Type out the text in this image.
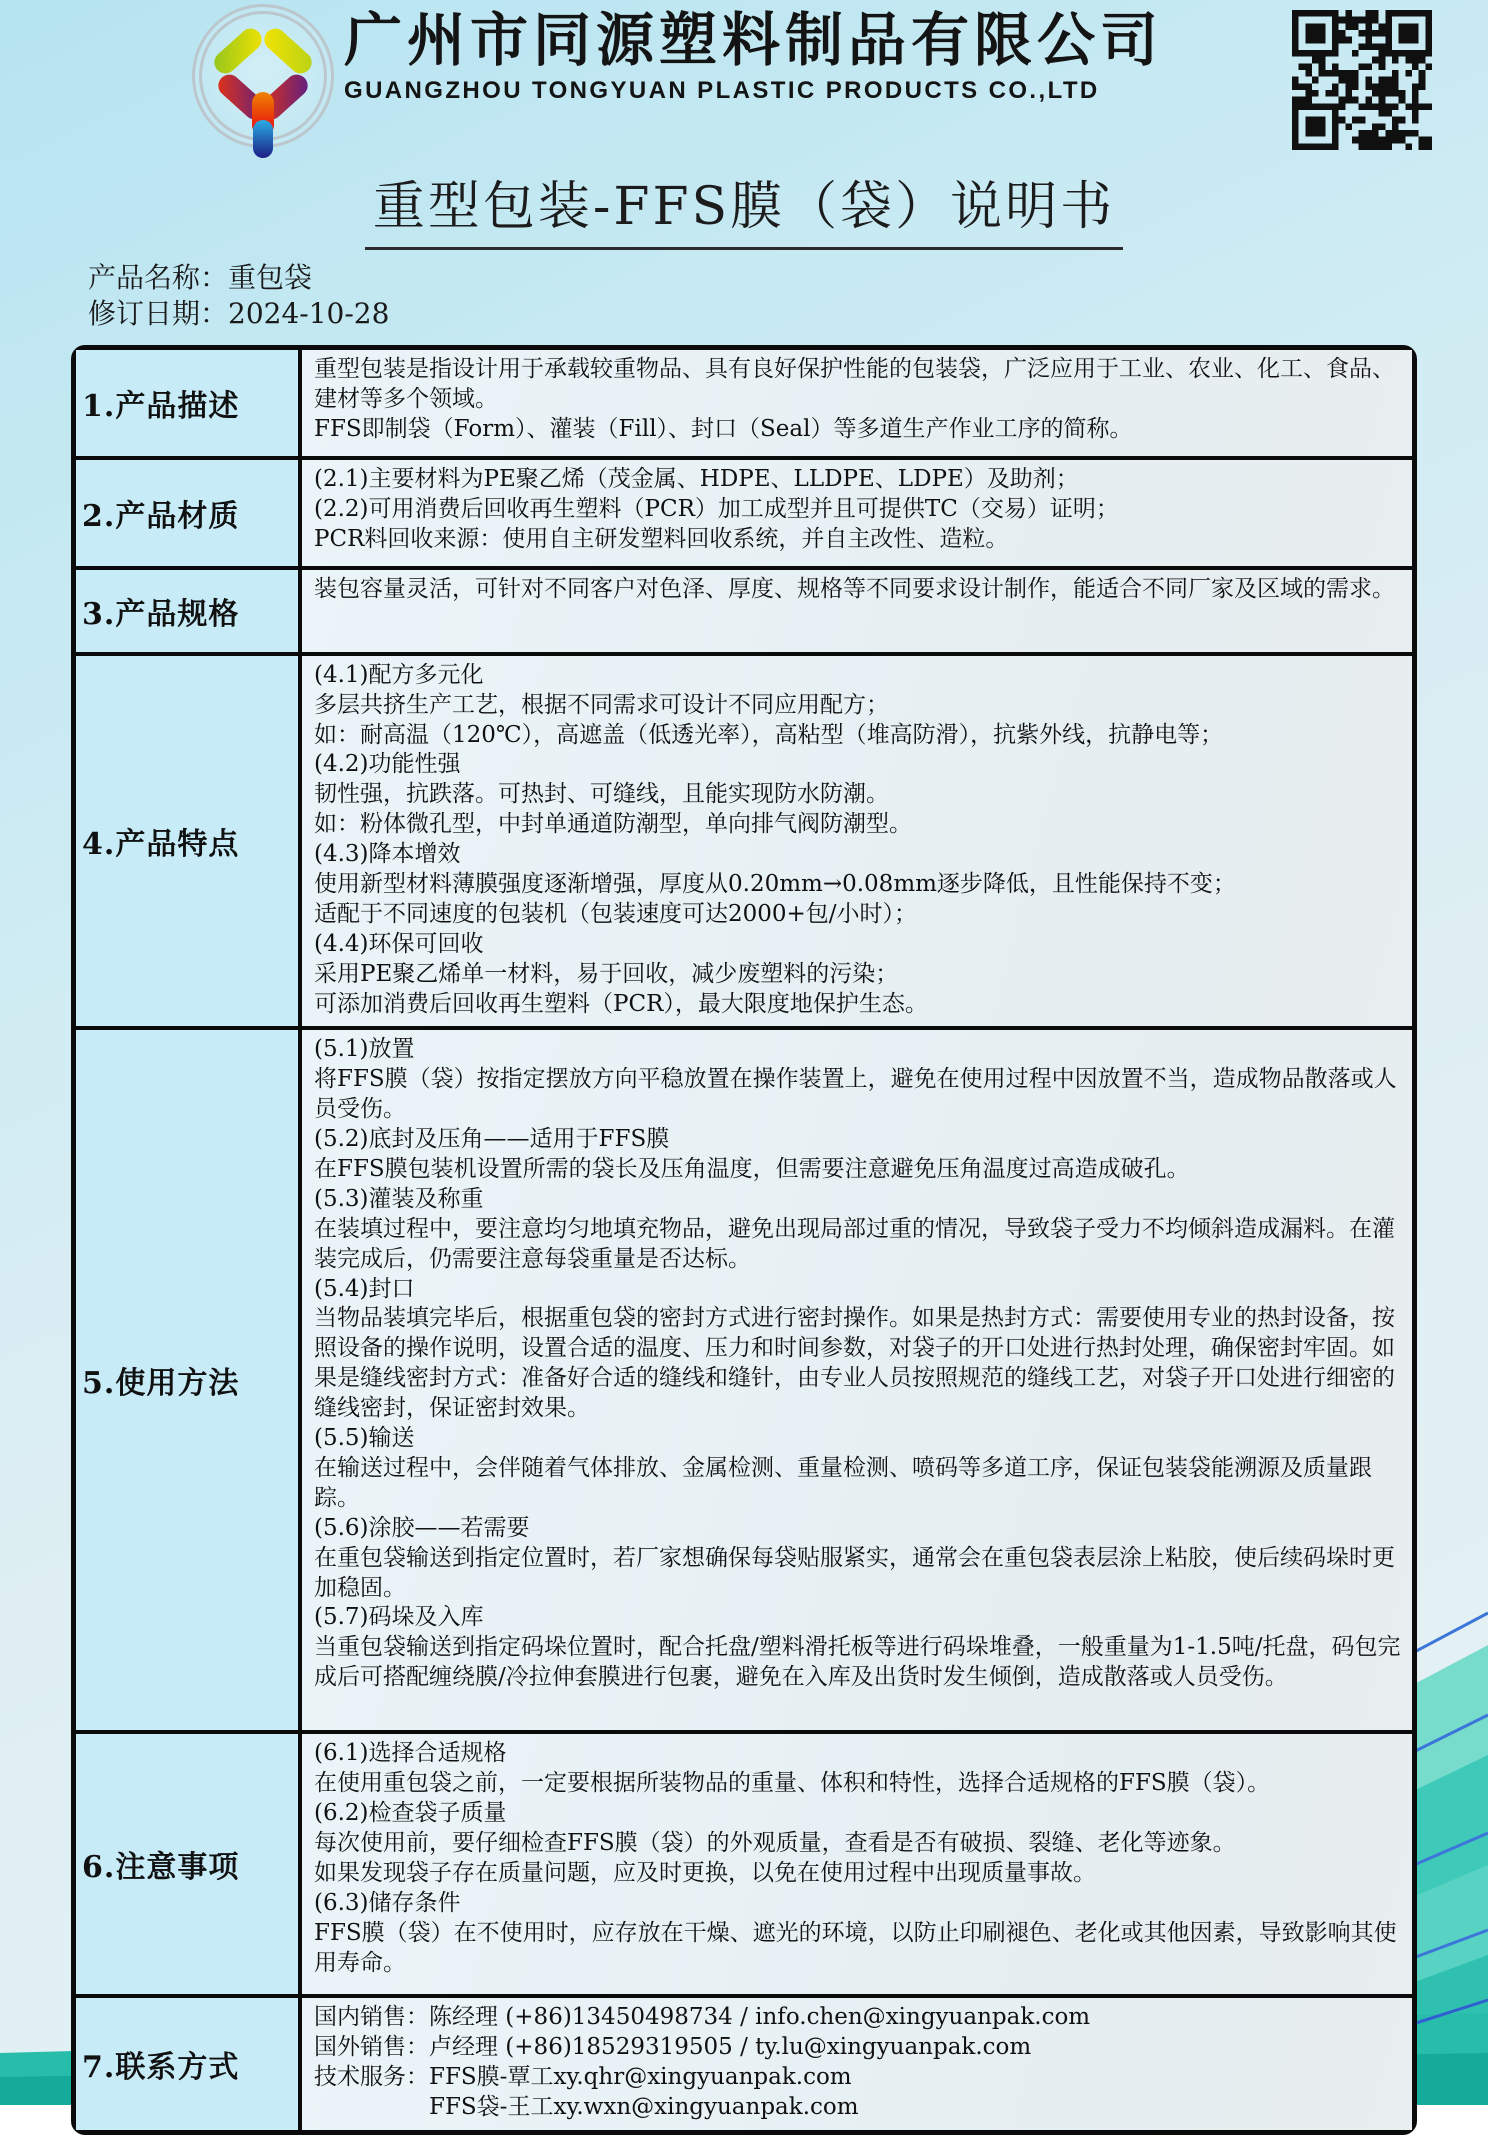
广州市同源塑料制品有限公司
GUANGZHOU TONGYUAN PLASTIC PRODUCTS CO.,LTD
重型包装-FFS膜（袋）说明书
产品名称：重包袋
修订日期：2024-10-28
1.产品描述
重型包装是指设计用于承载较重物品、具有良好保护性能的包装袋，广泛应用于工业、农业、化工、食品、建材等多个领域。
FFS即制袋（Form）、灌装（Fill）、封口（Seal）等多道生产作业工序的简称。
2.产品材质
(2.1)主要材料为PE聚乙烯（茂金属、HDPE、LLDPE、LDPE）及助剂；
(2.2)可用消费后回收再生塑料（PCR）加工成型并且可提供TC（交易）证明；
PCR料回收来源：使用自主研发塑料回收系统，并自主改性、造粒。
3.产品规格
装包容量灵活，可针对不同客户对色泽、厚度、规格等不同要求设计制作，能适合不同厂家及区域的需求。
4.产品特点
(4.1)配方多元化
多层共挤生产工艺，根据不同需求可设计不同应用配方；
如：耐高温（120℃），高遮盖（低透光率），高粘型（堆高防滑），抗紫外线，抗静电等；
(4.2)功能性强
韧性强，抗跌落。可热封、可缝线，且能实现防水防潮。
如：粉体微孔型，中封单通道防潮型，单向排气阀防潮型。
(4.3)降本增效
使用新型材料薄膜强度逐渐增强，厚度从0.20mm→0.08mm逐步降低，且性能保持不变；
适配于不同速度的包装机（包装速度可达2000+包/小时）；
(4.4)环保可回收
采用PE聚乙烯单一材料，易于回收，减少废塑料的污染；
可添加消费后回收再生塑料（PCR），最大限度地保护生态。
5.使用方法
(5.1)放置
将FFS膜（袋）按指定摆放方向平稳放置在操作装置上，避免在使用过程中因放置不当，造成物品散落或人员受伤。
(5.2)底封及压角——适用于FFS膜
在FFS膜包装机设置所需的袋长及压角温度，但需要注意避免压角温度过高造成破孔。
(5.3)灌装及称重
在装填过程中，要注意均匀地填充物品，避免出现局部过重的情况，导致袋子受力不均倾斜造成漏料。在灌装完成后，仍需要注意每袋重量是否达标。
(5.4)封口
当物品装填完毕后，根据重包袋的密封方式进行密封操作。如果是热封方式：需要使用专业的热封设备，按照设备的操作说明，设置合适的温度、压力和时间参数，对袋子的开口处进行热封处理，确保密封牢固。如果是缝线密封方式：准备好合适的缝线和缝针，由专业人员按照规范的缝线工艺，对袋子开口处进行细密的缝线密封，保证密封效果。
(5.5)输送
在输送过程中，会伴随着气体排放、金属检测、重量检测、喷码等多道工序，保证包装袋能溯源及质量跟踪。
(5.6)涂胶——若需要
在重包袋输送到指定位置时，若厂家想确保每袋贴服紧实，通常会在重包袋表层涂上粘胶，使后续码垛时更加稳固。
(5.7)码垛及入库
当重包袋输送到指定码垛位置时，配合托盘/塑料滑托板等进行码垛堆叠，一般重量为1-1.5吨/托盘，码包完成后可搭配缠绕膜/冷拉伸套膜进行包裹，避免在入库及出货时发生倾倒，造成散落或人员受伤。
6.注意事项
(6.1)选择合适规格
在使用重包袋之前，一定要根据所装物品的重量、体积和特性，选择合适规格的FFS膜（袋）。
(6.2)检查袋子质量
每次使用前，要仔细检查FFS膜（袋）的外观质量，查看是否有破损、裂缝、老化等迹象。
如果发现袋子存在质量问题，应及时更换，以免在使用过程中出现质量事故。
(6.3)储存条件
FFS膜（袋）在不使用时，应存放在干燥、遮光的环境，以防止印刷褪色、老化或其他因素，导致影响其使用寿命。
7.联系方式
国内销售：陈经理 (+86)13450498734 / info.chen@xingyuanpak.com
国外销售：卢经理 (+86)18529319505 / ty.lu@xingyuanpak.com
技术服务：FFS膜-覃工xy.qhr@xingyuanpak.com
　　　　　FFS袋-王工xy.wxn@xingyuanpak.com
